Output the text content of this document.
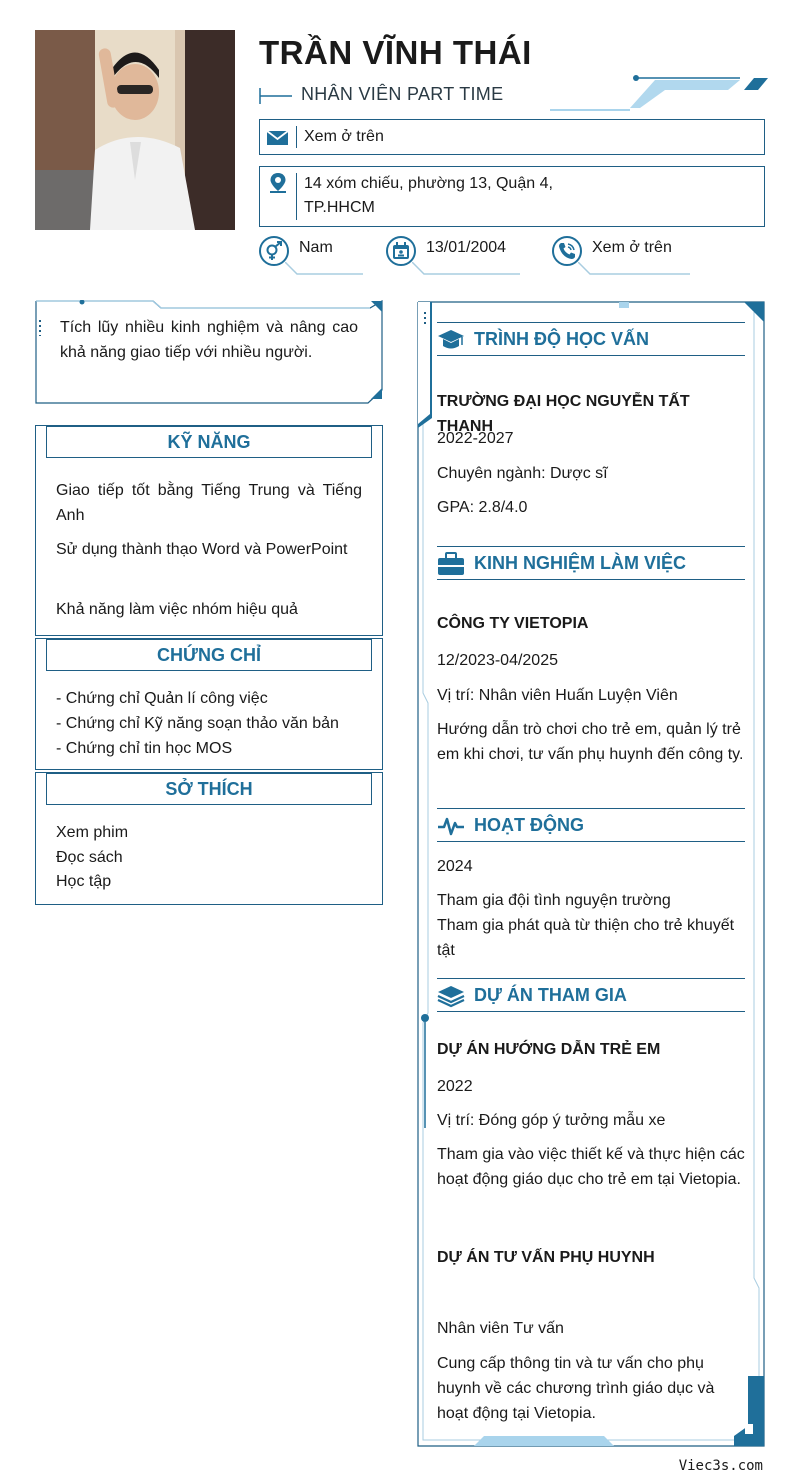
TRẦN VĨNH THÁI
NHÂN VIÊN PART TIME
Xem ở trên
14 xóm chiếu, phường 13, Quận 4,
TP.HHCM
Nam	13/01/2004	Xem ở trên
Tích lũy nhiều kinh nghiệm và nâng cao khả năng giao tiếp với nhiều người.
KỸ NĂNG
Giao tiếp tốt bằng Tiếng Trung và Tiếng Anh
Sử dụng thành thạo Word và PowerPoint
Khả năng làm việc nhóm hiệu quả
CHỨNG CHỈ
- Chứng chỉ Quản lí công việc
- Chứng chỉ Kỹ năng soạn thảo văn bản
- Chứng chỉ tin học MOS
SỞ THÍCH
Xem phim
Đọc sách
Học tập
TRÌNH ĐỘ HỌC VẤN
TRƯỜNG ĐẠI HỌC NGUYỄN TẤT THANH
2022-2027
Chuyên ngành: Dược sĩ
GPA: 2.8/4.0
KINH NGHIỆM LÀM VIỆC
CÔNG TY VIETOPIA
12/2023-04/2025
Vị trí: Nhân viên Huấn Luyện Viên
Hướng dẫn trò chơi cho trẻ em, quản lý trẻ em khi chơi, tư vấn phụ huynh đến công ty.
HOẠT ĐỘNG
2024
Tham gia đội tình nguyện trường
Tham gia phát quà từ thiện cho trẻ khuyết tật
DỰ ÁN THAM GIA
DỰ ÁN HƯỚNG DẪN TRẺ EM
2022
Vị trí: Đóng góp ý tưởng mẫu xe
Tham gia vào việc thiết kế và thực hiện các hoạt động giáo dục cho trẻ em tại Vietopia.
DỰ ÁN TƯ VẤN PHỤ HUYNH
Nhân viên Tư vấn
Cung cấp thông tin và tư vấn cho phụ huynh về các chương trình giáo dục và hoạt động tại Vietopia.
Viec3s.com
